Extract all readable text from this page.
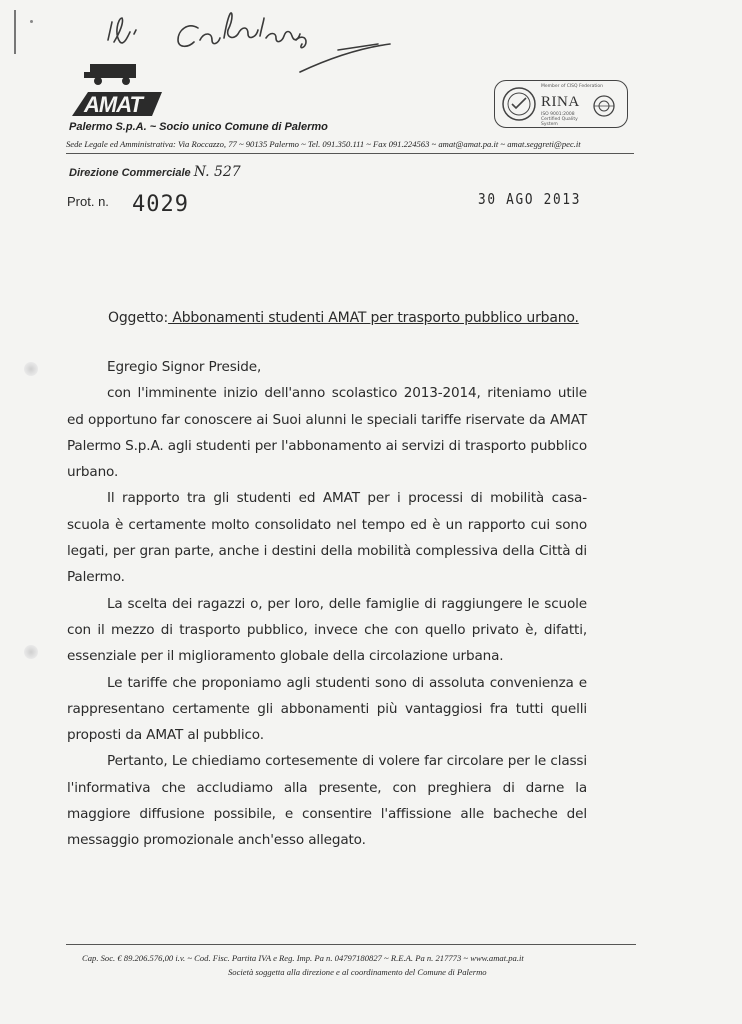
AMAT
Palermo S.p.A. ~ Socio unico Comune di Palermo
Sede Legale ed Amministrativa: Via Roccazzo, 77 ~ 90135 Palermo ~ Tel. 091.350.111 ~ Fax 091.224563 ~ amat@amat.pa.it ~ amat.seggreti@pec.it
Direzione Commerciale N. 527
Member of CISQ Federation
RINA
ISO 9001:2008 Certified Quality System
Prot. n. 4029	30 AGO 2013
Oggetto: Abbonamenti studenti AMAT per trasporto pubblico urbano.

Egregio Signor Preside,

con l'imminente inizio dell'anno scolastico 2013-2014, riteniamo utile ed opportuno far conoscere ai Suoi alunni le speciali tariffe riservate da AMAT Palermo S.p.A. agli studenti per l'abbonamento ai servizi di trasporto pubblico urbano.

Il rapporto tra gli studenti ed AMAT per i processi di mobilità casa-scuola è certamente molto consolidato nel tempo ed è un rapporto cui sono legati, per gran parte, anche i destini della mobilità complessiva della Città di Palermo.

La scelta dei ragazzi o, per loro, delle famiglie di raggiungere le scuole con il mezzo di trasporto pubblico, invece che con quello privato è, difatti, essenziale per il miglioramento globale della circolazione urbana.

Le tariffe che proponiamo agli studenti sono di assoluta convenienza e rappresentano certamente gli abbonamenti più vantaggiosi fra tutti quelli proposti da AMAT al pubblico.

Pertanto, Le chiediamo cortesemente di volere far circolare per le classi l'informativa che accludiamo alla presente, con preghiera di darne la maggiore diffusione possibile, e consentire l'affissione alle bacheche del messaggio promozionale anch'esso allegato.

Cap. Soc. € 89.206.576,00 i.v. ~ Cod. Fisc. Partita IVA e Reg. Imp. Pa n. 04797180827 ~ R.E.A. Pa n. 217773 ~ www.amat.pa.it
Società soggetta alla direzione e al coordinamento del Comune di Palermo
